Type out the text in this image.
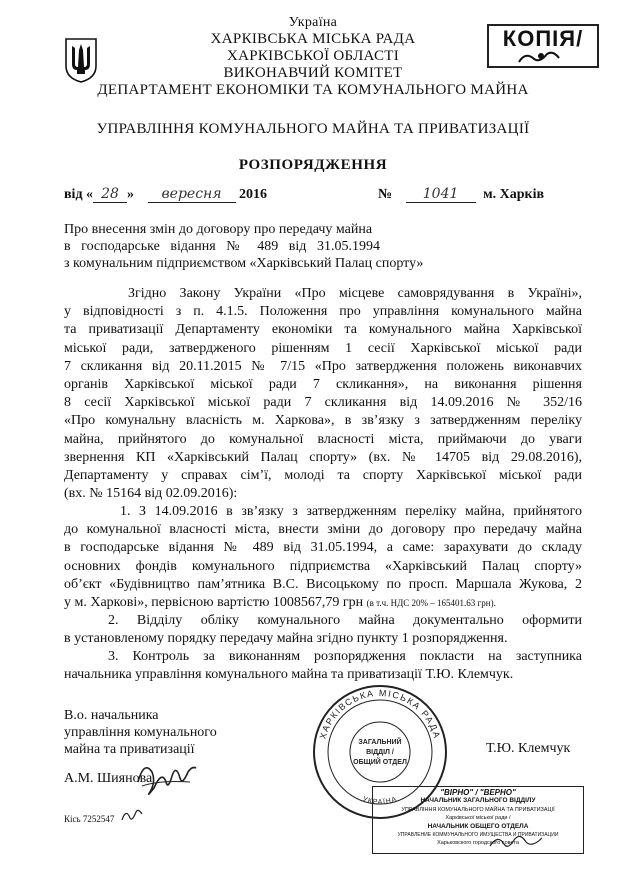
КОПІЯ/
Україна
ХАРКІВСЬКА МІСЬКА РАДА
ХАРКІВСЬКОЇ ОБЛАСТІ
ВИКОНАВЧИЙ КОМІТЕТ
ДЕПАРТАМЕНТ ЕКОНОМІКИ ТА КОМУНАЛЬНОГО МАЙНА
УПРАВЛІННЯ КОМУНАЛЬНОГО МАЙНА ТА ПРИВАТИЗАЦІЇ
РОЗПОРЯДЖЕННЯ
від « 28 » вересня 2016	№ 1041 м. Харків
Про внесення змін до договору про передачу майна
в господарське відання № 489 від 31.05.1994
з комунальним підприємством «Харківський Палац спорту»
Згідно Закону України «Про місцеве самоврядування в Україні»,
у відповідності з п. 4.1.5. Положення про управління комунального майна
та приватизації Департаменту економіки та комунального майна Харківської
міської ради, затвердженого рішенням 1 сесії Харківської міської ради
7 скликання від 20.11.2015 № 7/15 «Про затвердження положень виконавчих
органів Харківської міської ради 7 скликання», на виконання рішення
8 сесії Харківської міської ради 7 скликання від 14.09.2016 № 352/16
«Про комунальну власність м. Харкова», в зв’язку з затвердженням переліку
майна, прийнятого до комунальної власності міста, приймаючи до уваги
звернення КП «Харківський Палац спорту» (вх. № 14705 від 29.08.2016),
Департаменту у справах сім’ї, молоді та спорту Харківської міської ради
(вх. № 15164 від 02.09.2016):
1. З 14.09.2016 в зв’язку з затвердженням переліку майна, прийнятого
до комунальної власності міста, внести зміни до договору про передачу майна
в господарське відання № 489 від 31.05.1994, а саме: зарахувати до складу
основних фондів комунального підприємства «Харківський Палац спорту»
об’єкт «Будівництво пам’ятника В.С. Висоцькому по просп. Маршала Жукова, 2
у м. Харкові», первісною вартістю 1008567,79 грн (в т.ч. НДС 20% – 165401.63 грн).
2. Відділу обліку комунального майна документально оформити
в установленому порядку передачу майна згідно пункту 1 розпорядження.
3. Контроль за виконанням розпорядження покласти на заступника
начальника управління комунального майна та приватизації Т.Ю. Клемчук.
В.о. начальника
управління комунального
майна та приватизації	Т.Ю. Клемчук
А.М. Шиянова
Кісь 7252547
ХАРКІВСЬКА МІСЬКА РАДА
УКРАЇНА
ЗАГАЛЬНИЙ
ВІДДІЛ /
ОБЩИЙ ОТДЕЛ
"ВІРНО" / "ВЕРНО"
НАЧАЛЬНИК ЗАГАЛЬНОГО ВІДДІЛУ
УПРАВЛІННЯ КОМУНАЛЬНОГО МАЙНА ТА ПРИВАТИЗАЦІЇ
Харківської міської ради /
НАЧАЛЬНИК ОБЩЕГО ОТДЕЛА
УПРАВЛЕНИЕ КОММУНАЛЬНОГО ИМУЩЕСТВА И ПРИВАТИЗАЦИИ
Харьковского городского совета
